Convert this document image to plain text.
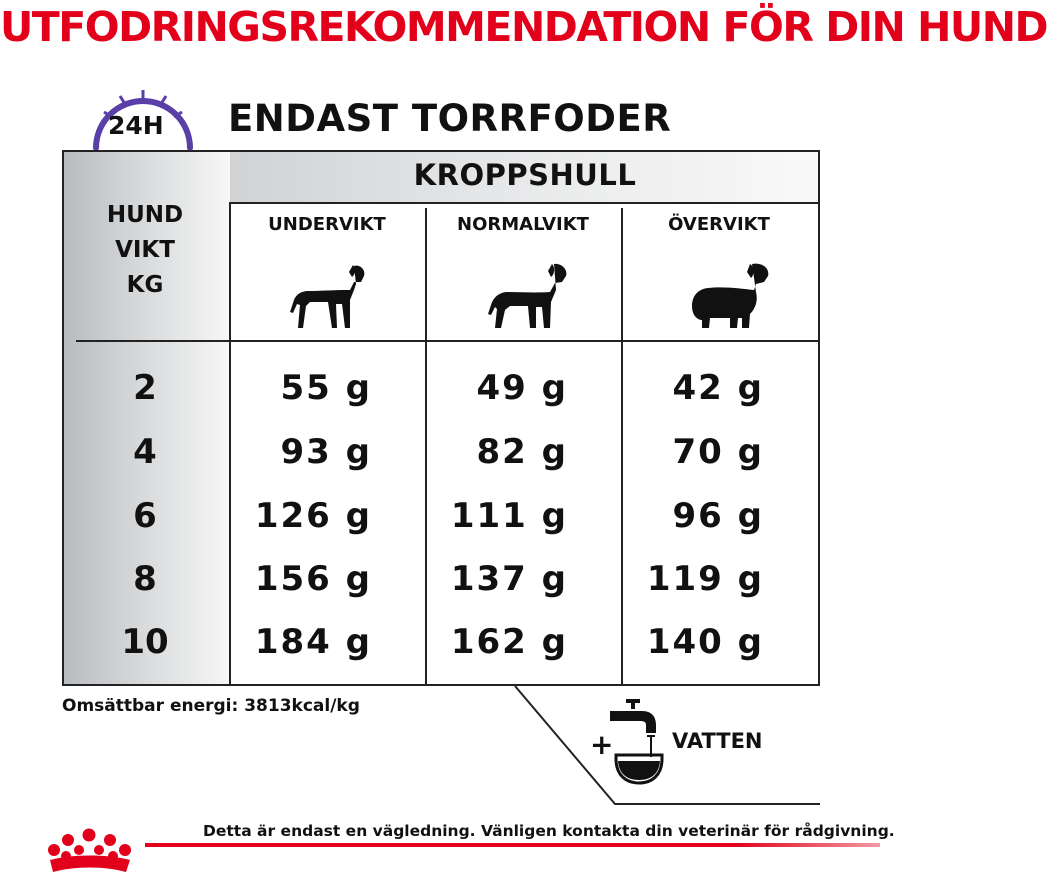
UTFODRINGSREKOMMENDATION FÖR DIN HUND
24H ENDAST TORRFODER
KROPPSHULL
HUND
VIKT
KG
UNDERVIKT	NORMALVIKT	ÖVERVIKT
2	55 g	49 g	42 g
4	93 g	82 g	70 g
6	126 g	111 g	96 g
8	156 g	137 g	119 g
10	184 g	162 g	140 g
Omsättbar energi: 3813kcal/kg
+	VATTEN
Detta är endast en vägledning. Vänligen kontakta din veterinär för rådgivning.
